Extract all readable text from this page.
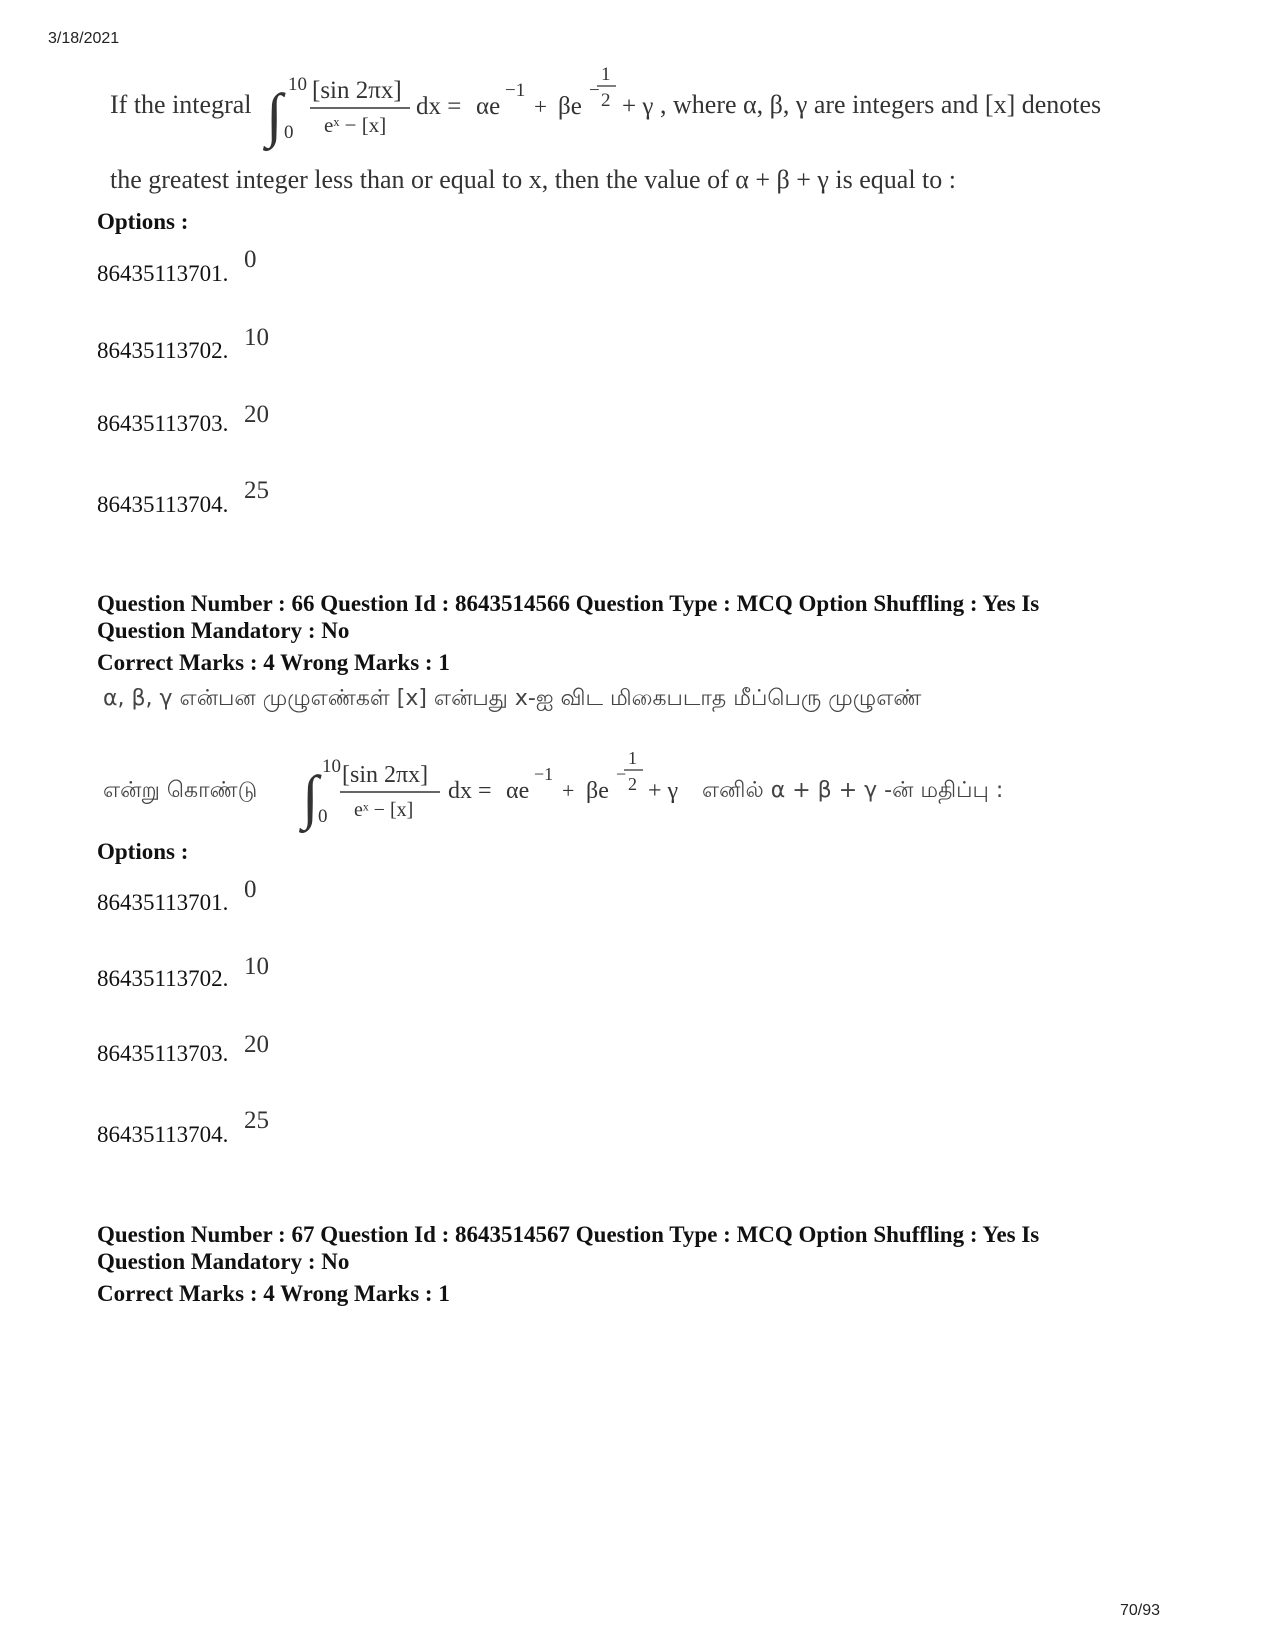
3/18/2021
If the integral ∫ 10
0
[sin 2πx]
eˣ − [x]
dx = αe
−1
+ βe
−
1
2 + γ , where α, β, γ are integers and [x] denotes
the greatest integer less than or equal to x, then the value of α + β + γ is equal to :
Options :
86435113701.
0
86435113702. 10
86435113703. 20
86435113704.
25
Question Number : 66 Question Id : 8643514566 Question Type : MCQ Option Shuffling : Yes Is
Question Mandatory : No
Correct Marks : 4 Wrong Marks : 1
α, β, γ என்பன முழுஎண்கள் [x] என்பது x-ஐ விட மிகைபடாத மீப்பெரு முழுஎண்
என்று கொண்டு ∫ 10
0
[sin 2πx]
eˣ − [x]
dx = αe
−1
+ βe
−
1
2 + γ எனில் α + β + γ -ன் மதிப்பு :
Options :
86435113701. 0
86435113702. 10
86435113703. 20
86435113704.
25
Question Number : 67 Question Id : 8643514567 Question Type : MCQ Option Shuffling : Yes Is
Question Mandatory : No
Correct Marks : 4 Wrong Marks : 1
70/93
